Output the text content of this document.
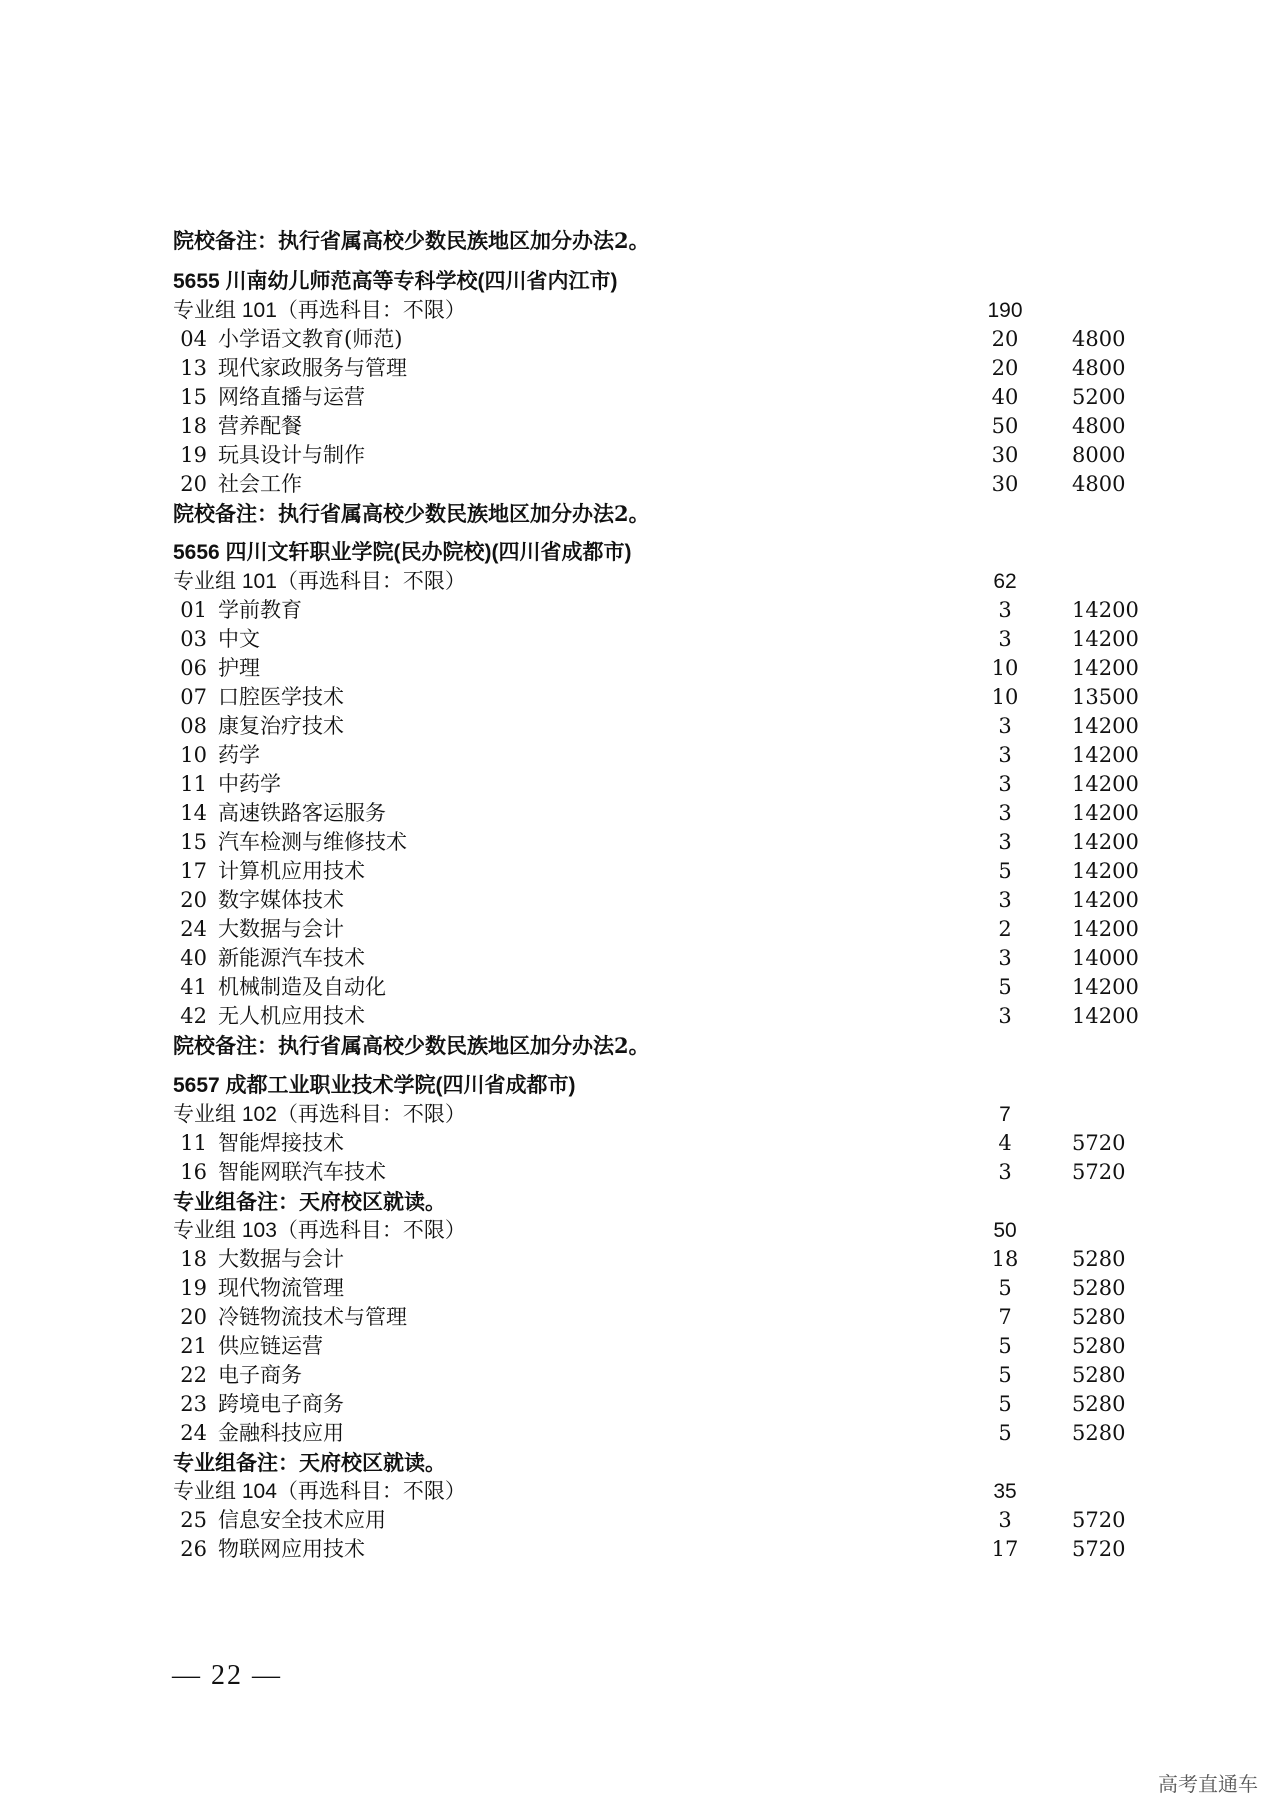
院校备注：执行省属高校少数民族地区加分办法2。
5655 川南幼儿师范高等专科学校(四川省内江市)
专业组 101（再选科目：不限）	190
04 小学语文教育(师范)	20	4800
13 现代家政服务与管理	20	4800
15 网络直播与运营	40	5200
18 营养配餐	50	4800
19 玩具设计与制作	30	8000
20 社会工作	30	4800
院校备注：执行省属高校少数民族地区加分办法2。
5656 四川文轩职业学院(民办院校)(四川省成都市)
专业组 101（再选科目：不限）	62
01 学前教育	3	14200
03 中文	3	14200
06 护理	10	14200
07 口腔医学技术	10	13500
08 康复治疗技术	3	14200
10 药学	3	14200
11 中药学	3	14200
14 高速铁路客运服务	3	14200
15 汽车检测与维修技术	3	14200
17 计算机应用技术	5	14200
20 数字媒体技术	3	14200
24 大数据与会计	2	14200
40 新能源汽车技术	3	14000
41 机械制造及自动化	5	14200
42 无人机应用技术	3	14200
院校备注：执行省属高校少数民族地区加分办法2。
5657 成都工业职业技术学院(四川省成都市)
专业组 102（再选科目：不限）	7
11 智能焊接技术	4	5720
16 智能网联汽车技术	3	5720
专业组备注：天府校区就读。
专业组 103（再选科目：不限）	50
18 大数据与会计	18	5280
19 现代物流管理	5	5280
20 冷链物流技术与管理	7	5280
21 供应链运营	5	5280
22 电子商务	5	5280
23 跨境电子商务	5	5280
24 金融科技应用	5	5280
专业组备注：天府校区就读。
专业组 104（再选科目：不限）	35
25 信息安全技术应用	3	5720
26 物联网应用技术	17	5720
— 22 —
高考直通车
